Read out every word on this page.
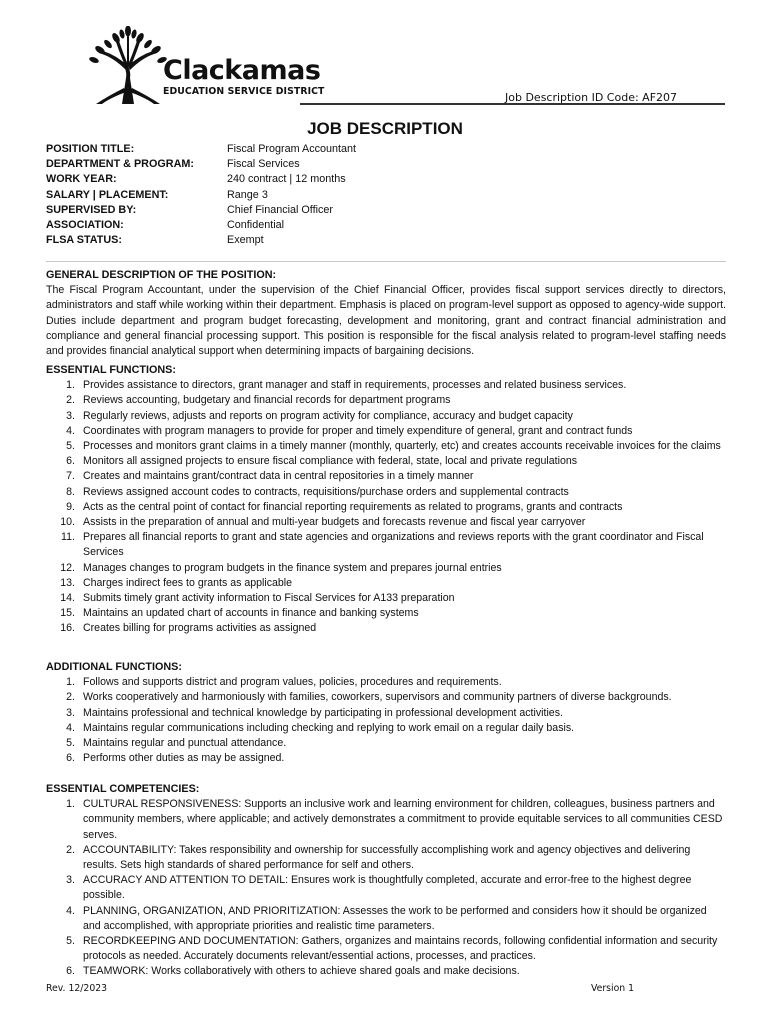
Clackamas
EDUCATION SERVICE DISTRICT	Job Description ID Code: AF207
JOB DESCRIPTION
POSITION TITLE:	Fiscal Program Accountant
DEPARTMENT & PROGRAM:	Fiscal Services
WORK YEAR:	240 contract | 12 months
SALARY | PLACEMENT:	Range 3
SUPERVISED BY:	Chief Financial Officer
ASSOCIATION:	Confidential
FLSA STATUS:	Exempt
GENERAL DESCRIPTION OF THE POSITION:
The Fiscal Program Accountant, under the supervision of the Chief Financial Officer, provides fiscal support services directly to directors, administrators and staff while working within their department. Emphasis is placed on program-level support as opposed to agency-wide support. Duties include department and program budget forecasting, development and monitoring, grant and contract financial administration and compliance and general financial processing support. This position is responsible for the fiscal analysis related to program-level staffing needs and provides financial analytical support when determining impacts of bargaining decisions.
ESSENTIAL FUNCTIONS:
1. Provides assistance to directors, grant manager and staff in requirements, processes and related business services.
2. Reviews accounting, budgetary and financial records for department programs
3. Regularly reviews, adjusts and reports on program activity for compliance, accuracy and budget capacity
4. Coordinates with program managers to provide for proper and timely expenditure of general, grant and contract funds
5. Processes and monitors grant claims in a timely manner (monthly, quarterly, etc) and creates accounts receivable invoices for the claims
6. Monitors all assigned projects to ensure fiscal compliance with federal, state, local and private regulations
7. Creates and maintains grant/contract data in central repositories in a timely manner
8. Reviews assigned account codes to contracts, requisitions/purchase orders and supplemental contracts
9. Acts as the central point of contact for financial reporting requirements as related to programs, grants and contracts
10. Assists in the preparation of annual and multi-year budgets and forecasts revenue and fiscal year carryover
11. Prepares all financial reports to grant and state agencies and organizations and reviews reports with the grant coordinator and Fiscal Services
12. Manages changes to program budgets in the finance system and prepares journal entries
13. Charges indirect fees to grants as applicable
14. Submits timely grant activity information to Fiscal Services for A133 preparation
15. Maintains an updated chart of accounts in finance and banking systems
16. Creates billing for programs activities as assigned
ADDITIONAL FUNCTIONS:
1. Follows and supports district and program values, policies, procedures and requirements.
2. Works cooperatively and harmoniously with families, coworkers, supervisors and community partners of diverse backgrounds.
3. Maintains professional and technical knowledge by participating in professional development activities.
4. Maintains regular communications including checking and replying to work email on a regular daily basis.
5. Maintains regular and punctual attendance.
6. Performs other duties as may be assigned.
ESSENTIAL COMPETENCIES:
1. CULTURAL RESPONSIVENESS: Supports an inclusive work and learning environment for children, colleagues, business partners and community members, where applicable; and actively demonstrates a commitment to provide equitable services to all communities CESD serves.
2. ACCOUNTABILITY: Takes responsibility and ownership for successfully accomplishing work and agency objectives and delivering results. Sets high standards of shared performance for self and others.
3. ACCURACY AND ATTENTION TO DETAIL: Ensures work is thoughtfully completed, accurate and error-free to the highest degree possible.
4. PLANNING, ORGANIZATION, AND PRIORITIZATION: Assesses the work to be performed and considers how it should be organized and accomplished, with appropriate priorities and realistic time parameters.
5. RECORDKEEPING AND DOCUMENTATION: Gathers, organizes and maintains records, following confidential information and security protocols as needed. Accurately documents relevant/essential actions, processes, and practices.
6. TEAMWORK: Works collaboratively with others to achieve shared goals and make decisions.
Rev. 12/2023	Version 1
